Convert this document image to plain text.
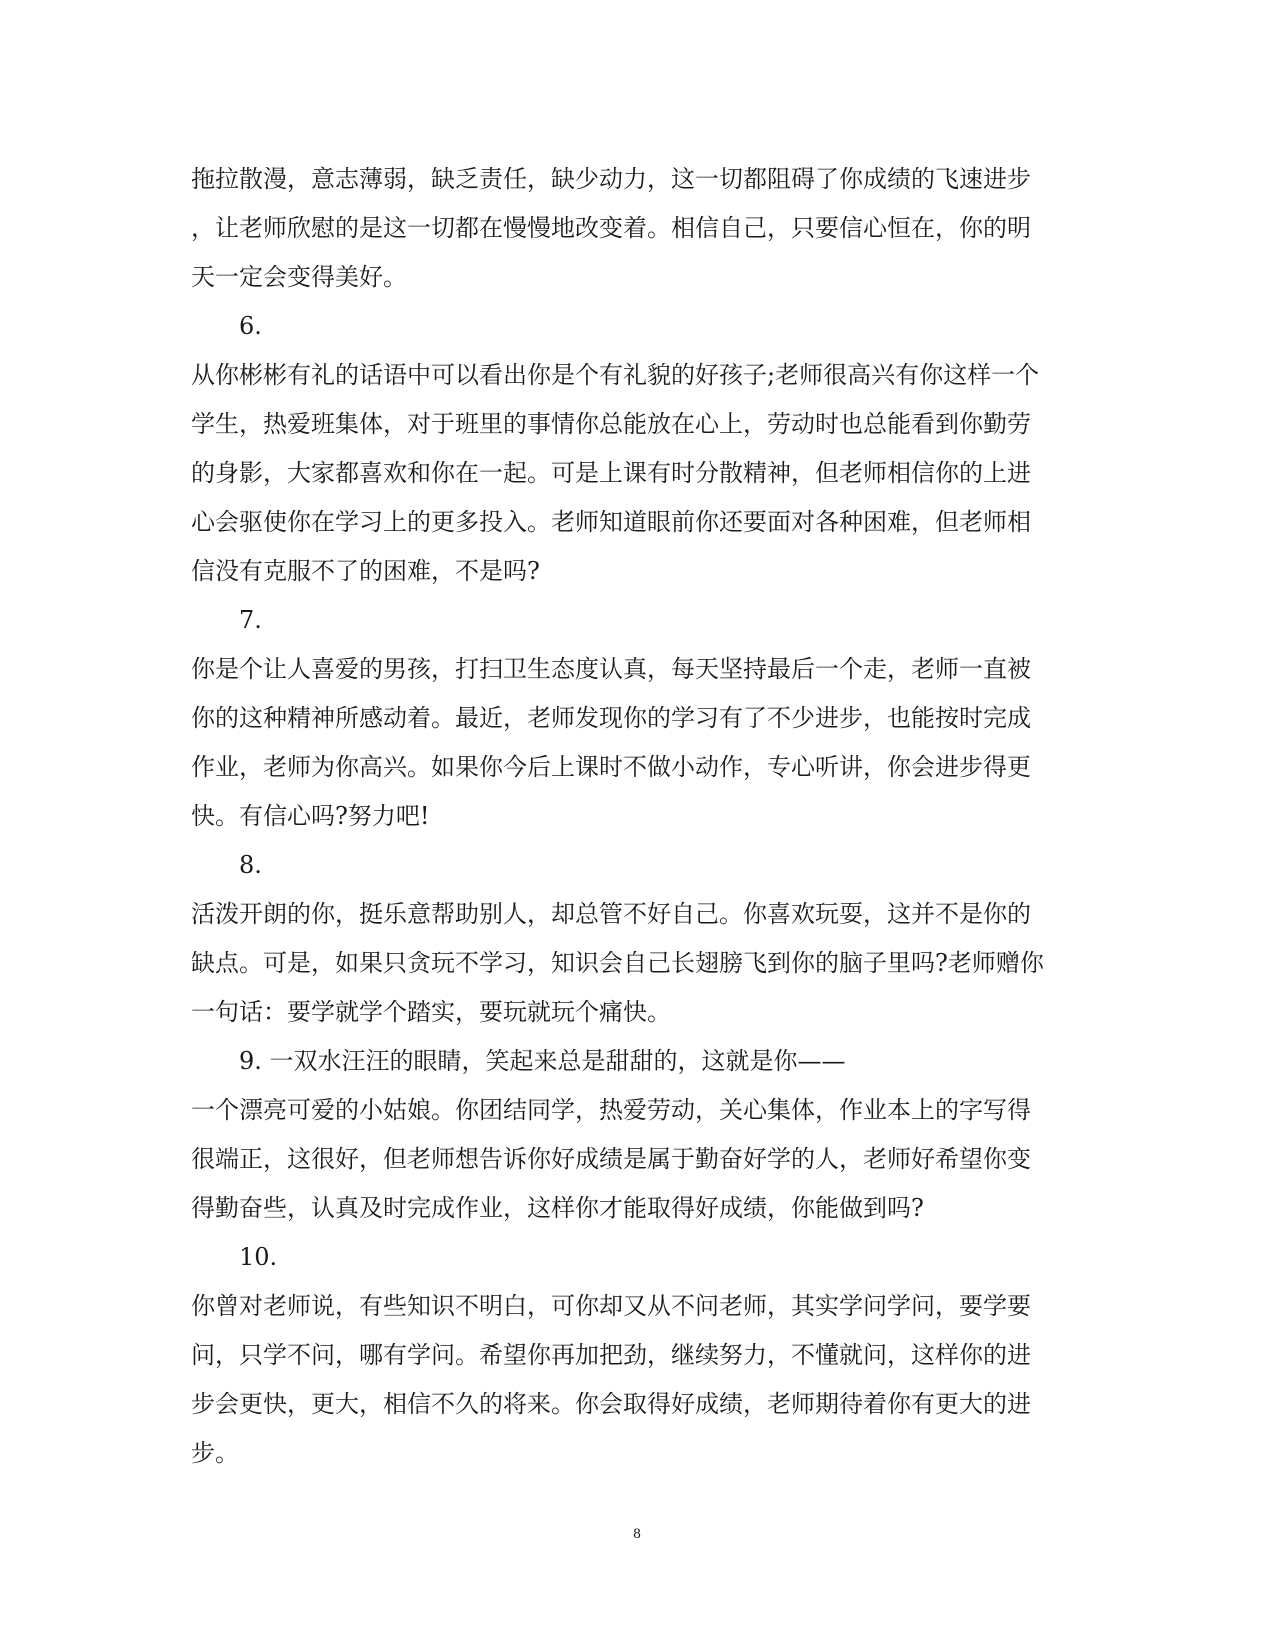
拖拉散漫，意志薄弱，缺乏责任，缺少动力，这一切都阻碍了你成绩的飞速进步
，让老师欣慰的是这一切都在慢慢地改变着。相信自己，只要信心恒在，你的明
天一定会变得美好。
6.
从你彬彬有礼的话语中可以看出你是个有礼貌的好孩子;老师很高兴有你这样一个
学生，热爱班集体，对于班里的事情你总能放在心上，劳动时也总能看到你勤劳
的身影，大家都喜欢和你在一起。可是上课有时分散精神，但老师相信你的上进
心会驱使你在学习上的更多投入。老师知道眼前你还要面对各种困难，但老师相
信没有克服不了的困难，不是吗?
7.
你是个让人喜爱的男孩，打扫卫生态度认真，每天坚持最后一个走，老师一直被
你的这种精神所感动着。最近，老师发现你的学习有了不少进步，也能按时完成
作业，老师为你高兴。如果你今后上课时不做小动作，专心听讲，你会进步得更
快。有信心吗?努力吧!
8.
活泼开朗的你，挺乐意帮助别人，却总管不好自己。你喜欢玩耍，这并不是你的
缺点。可是，如果只贪玩不学习，知识会自己长翅膀飞到你的脑子里吗?老师赠你
一句话：要学就学个踏实，要玩就玩个痛快。
9. 一双水汪汪的眼睛，笑起来总是甜甜的，这就是你——
一个漂亮可爱的小姑娘。你团结同学，热爱劳动，关心集体，作业本上的字写得
很端正，这很好，但老师想告诉你好成绩是属于勤奋好学的人，老师好希望你变
得勤奋些，认真及时完成作业，这样你才能取得好成绩，你能做到吗?
10.
你曾对老师说，有些知识不明白，可你却又从不问老师，其实学问学问，要学要
问，只学不问，哪有学问。希望你再加把劲，继续努力，不懂就问，这样你的进
步会更快，更大，相信不久的将来。你会取得好成绩，老师期待着你有更大的进
步。
8
